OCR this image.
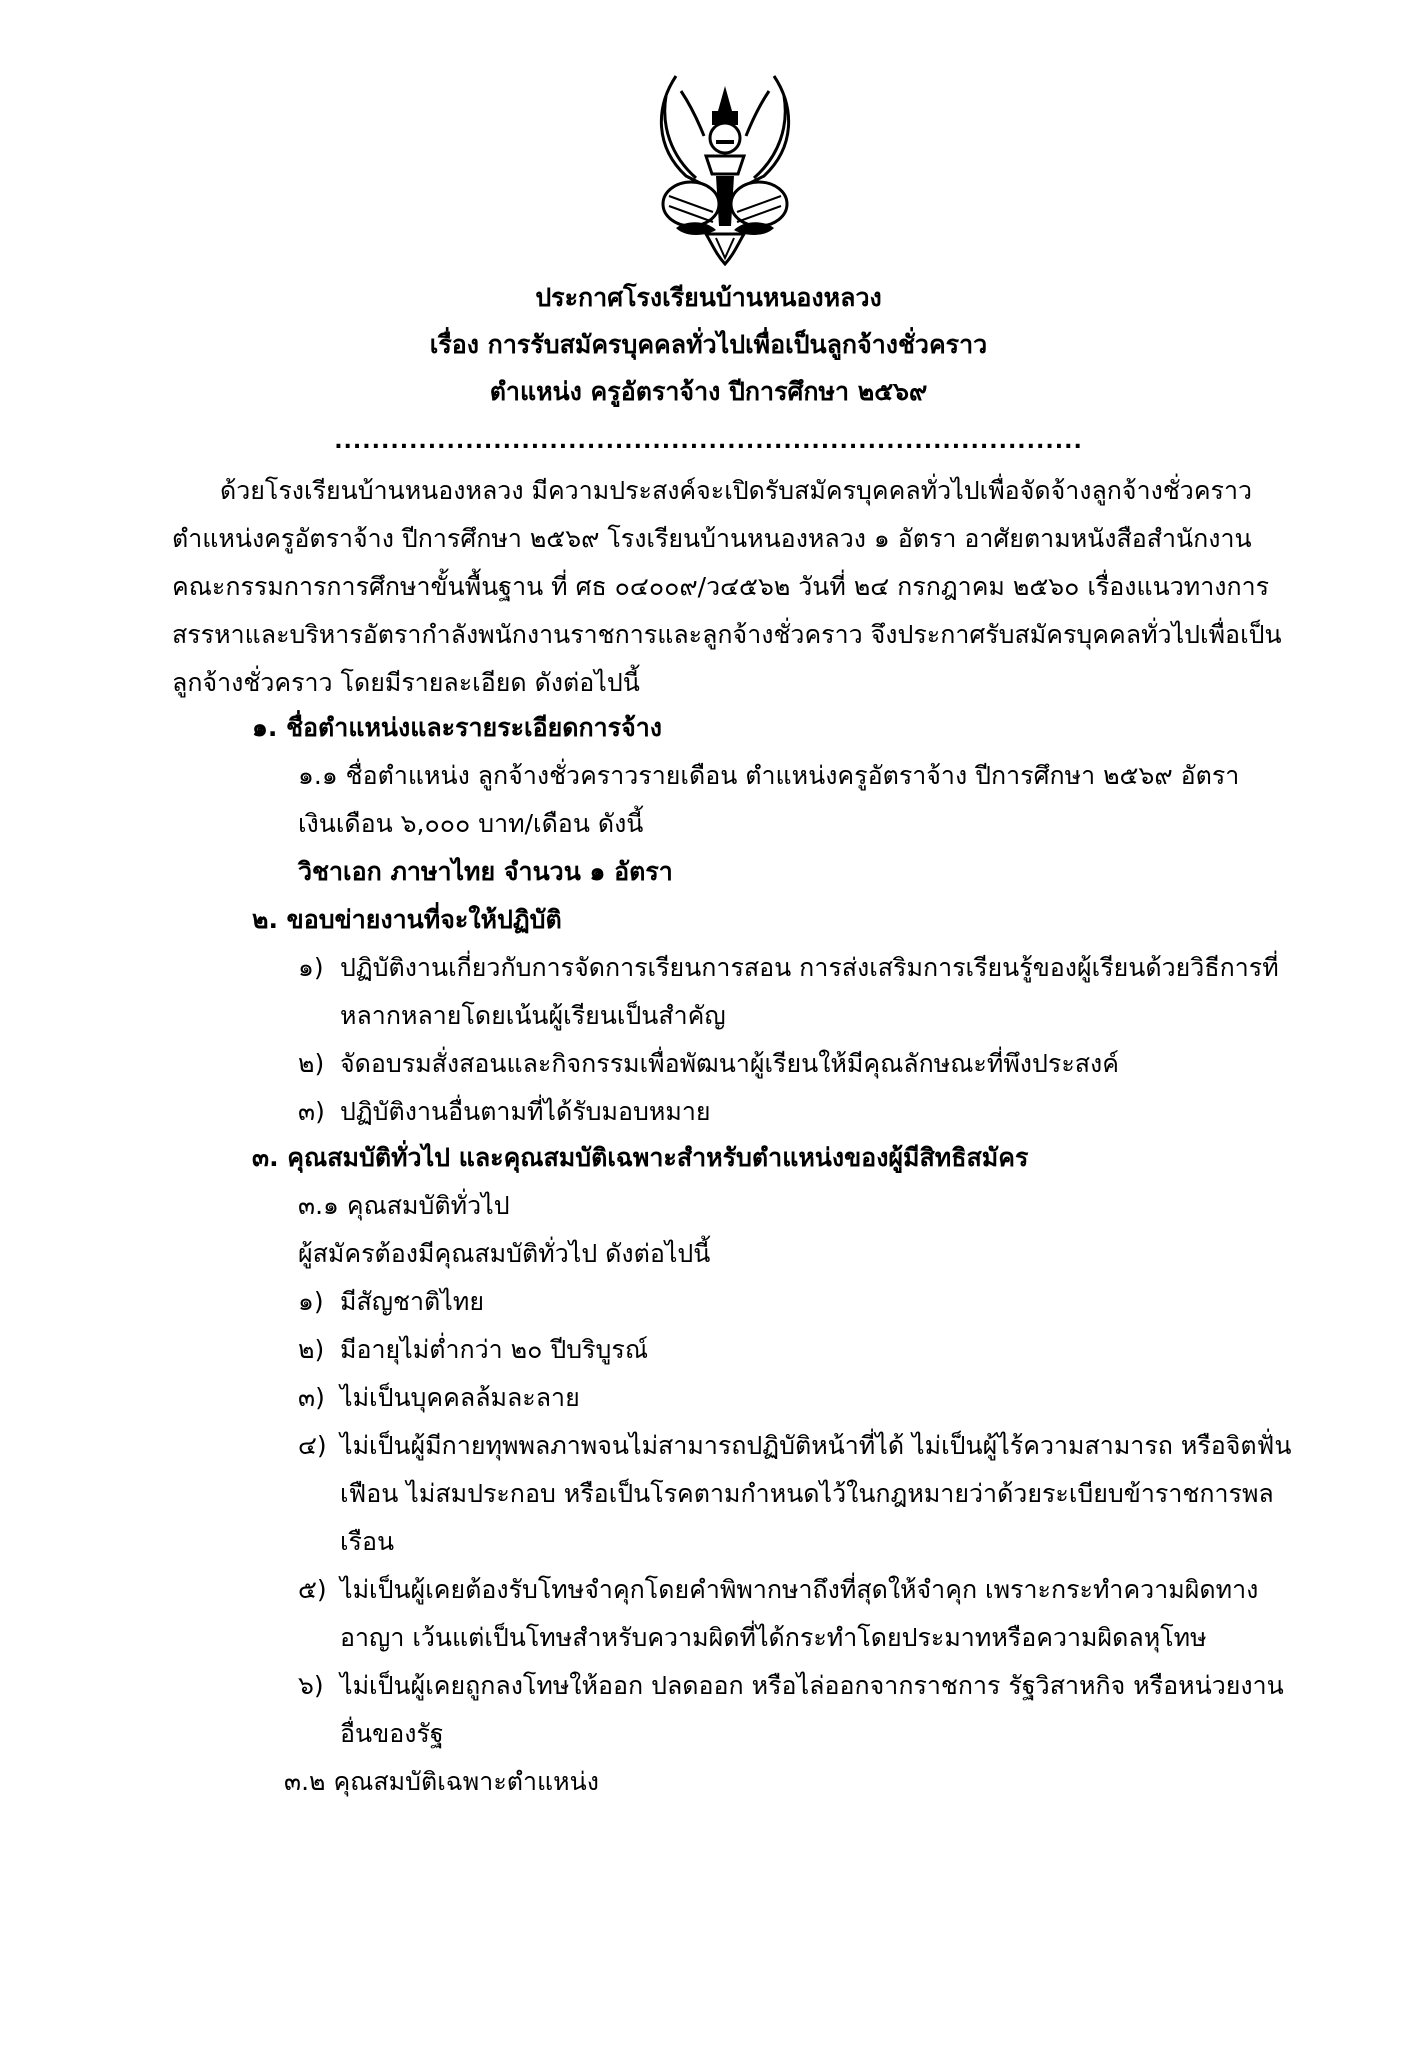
ประกาศโรงเรียนบ้านหนองหลวง
เรื่อง การรับสมัครบุคคลทั่วไปเพื่อเป็นลูกจ้างชั่วคราว
ตำแหน่ง ครูอัตราจ้าง ปีการศึกษา ๒๕๖๙
................................................................................
ด้วยโรงเรียนบ้านหนองหลวง มีความประสงค์จะเปิดรับสมัครบุคคลทั่วไปเพื่อจัดจ้างลูกจ้างชั่วคราว
ตำแหน่งครูอัตราจ้าง ปีการศึกษา ๒๕๖๙ โรงเรียนบ้านหนองหลวง ๑ อัตรา อาศัยตามหนังสือสำนักงาน
คณะกรรมการการศึกษาขั้นพื้นฐาน ที่ ศธ ๐๔๐๐๙/ว๔๕๖๒ วันที่ ๒๔ กรกฎาคม ๒๕๖๐ เรื่องแนวทางการ
สรรหาและบริหารอัตรากำลังพนักงานราชการและลูกจ้างชั่วคราว จึงประกาศรับสมัครบุคคลทั่วไปเพื่อเป็น
ลูกจ้างชั่วคราว โดยมีรายละเอียด ดังต่อไปนี้
๑. ชื่อตำแหน่งและรายระเอียดการจ้าง
๑.๑ ชื่อตำแหน่ง ลูกจ้างชั่วคราวรายเดือน ตำแหน่งครูอัตราจ้าง ปีการศึกษา ๒๕๖๙ อัตรา
เงินเดือน ๖,๐๐๐ บาท/เดือน ดังนี้
วิชาเอก ภาษาไทย จำนวน ๑ อัตรา
๒. ขอบข่ายงานที่จะให้ปฏิบัติ
๑) ปฏิบัติงานเกี่ยวกับการจัดการเรียนการสอน การส่งเสริมการเรียนรู้ของผู้เรียนด้วยวิธีการที่
หลากหลายโดยเน้นผู้เรียนเป็นสำคัญ
๒) จัดอบรมสั่งสอนและกิจกรรมเพื่อพัฒนาผู้เรียนให้มีคุณลักษณะที่พึงประสงค์
๓) ปฏิบัติงานอื่นตามที่ได้รับมอบหมาย
๓. คุณสมบัติทั่วไป และคุณสมบัติเฉพาะสำหรับตำแหน่งของผู้มีสิทธิสมัคร
๓.๑ คุณสมบัติทั่วไป
ผู้สมัครต้องมีคุณสมบัติทั่วไป ดังต่อไปนี้
๑) มีสัญชาติไทย
๒) มีอายุไม่ต่ำกว่า ๒๐ ปีบริบูรณ์
๓) ไม่เป็นบุคคลล้มละลาย
๔) ไม่เป็นผู้มีกายทุพพลภาพจนไม่สามารถปฏิบัติหน้าที่ได้ ไม่เป็นผู้ไร้ความสามารถ หรือจิตฟั่น
เฟือน ไม่สมประกอบ หรือเป็นโรคตามกำหนดไว้ในกฎหมายว่าด้วยระเบียบข้าราชการพล
เรือน
๕) ไม่เป็นผู้เคยต้องรับโทษจำคุกโดยคำพิพากษาถึงที่สุดให้จำคุก เพราะกระทำความผิดทาง
อาญา เว้นแต่เป็นโทษสำหรับความผิดที่ได้กระทำโดยประมาทหรือความผิดลหุโทษ
๖) ไม่เป็นผู้เคยถูกลงโทษให้ออก ปลดออก หรือไล่ออกจากราชการ รัฐวิสาหกิจ หรือหน่วยงาน
อื่นของรัฐ
๓.๒ คุณสมบัติเฉพาะตำแหน่ง
